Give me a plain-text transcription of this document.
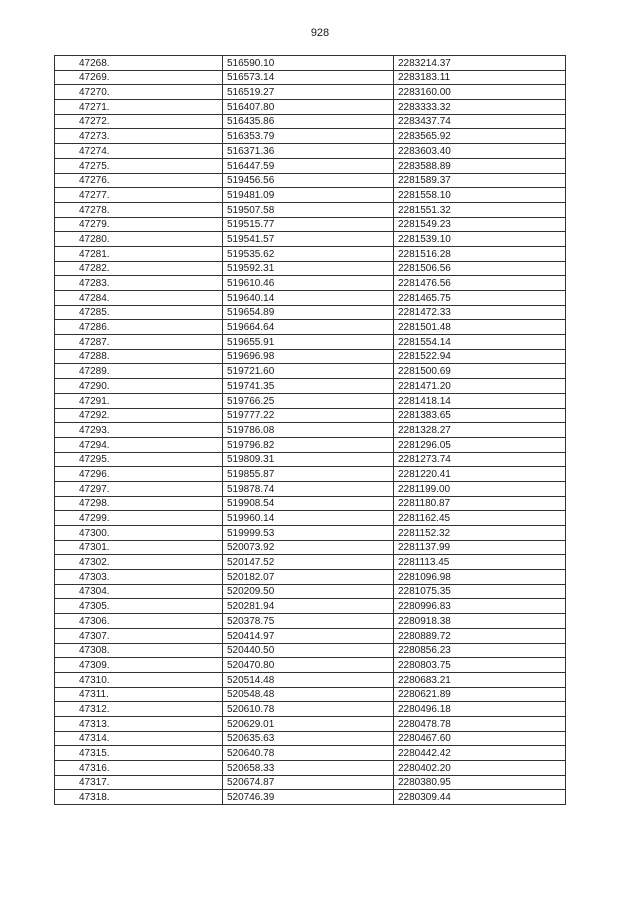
928
47268.	516590.10	2283214.37
47269.	516573.14	2283183.11
47270.	516519.27	2283160.00
47271.	516407.80	2283333.32
47272.	516435.86	2283437.74
47273.	516353.79	2283565.92
47274.	516371.36	2283603.40
47275.	516447.59	2283588.89
47276.	519456.56	2281589.37
47277.	519481.09	2281558.10
47278.	519507.58	2281551.32
47279.	519515.77	2281549.23
47280.	519541.57	2281539.10
47281.	519535.62	2281516.28
47282.	519592.31	2281506.56
47283.	519610.46	2281476.56
47284.	519640.14	2281465.75
47285.	519654.89	2281472.33
47286.	519664.64	2281501.48
47287.	519655.91	2281554.14
47288.	519696.98	2281522.94
47289.	519721.60	2281500.69
47290.	519741.35	2281471.20
47291.	519766.25	2281418.14
47292.	519777.22	2281383.65
47293.	519786.08	2281328.27
47294.	519796.82	2281296.05
47295.	519809.31	2281273.74
47296.	519855.87	2281220.41
47297.	519878.74	2281199.00
47298.	519908.54	2281180.87
47299.	519960.14	2281162.45
47300.	519999.53	2281152.32
47301.	520073.92	2281137.99
47302.	520147.52	2281113.45
47303.	520182.07	2281096.98
47304.	520209.50	2281075.35
47305.	520281.94	2280996.83
47306.	520378.75	2280918.38
47307.	520414.97	2280889.72
47308.	520440.50	2280856.23
47309.	520470.80	2280803.75
47310.	520514.48	2280683.21
47311.	520548.48	2280621.89
47312.	520610.78	2280496.18
47313.	520629.01	2280478.78
47314.	520635.63	2280467.60
47315.	520640.78	2280442.42
47316.	520658.33	2280402.20
47317.	520674.87	2280380.95
47318.	520746.39	2280309.44
